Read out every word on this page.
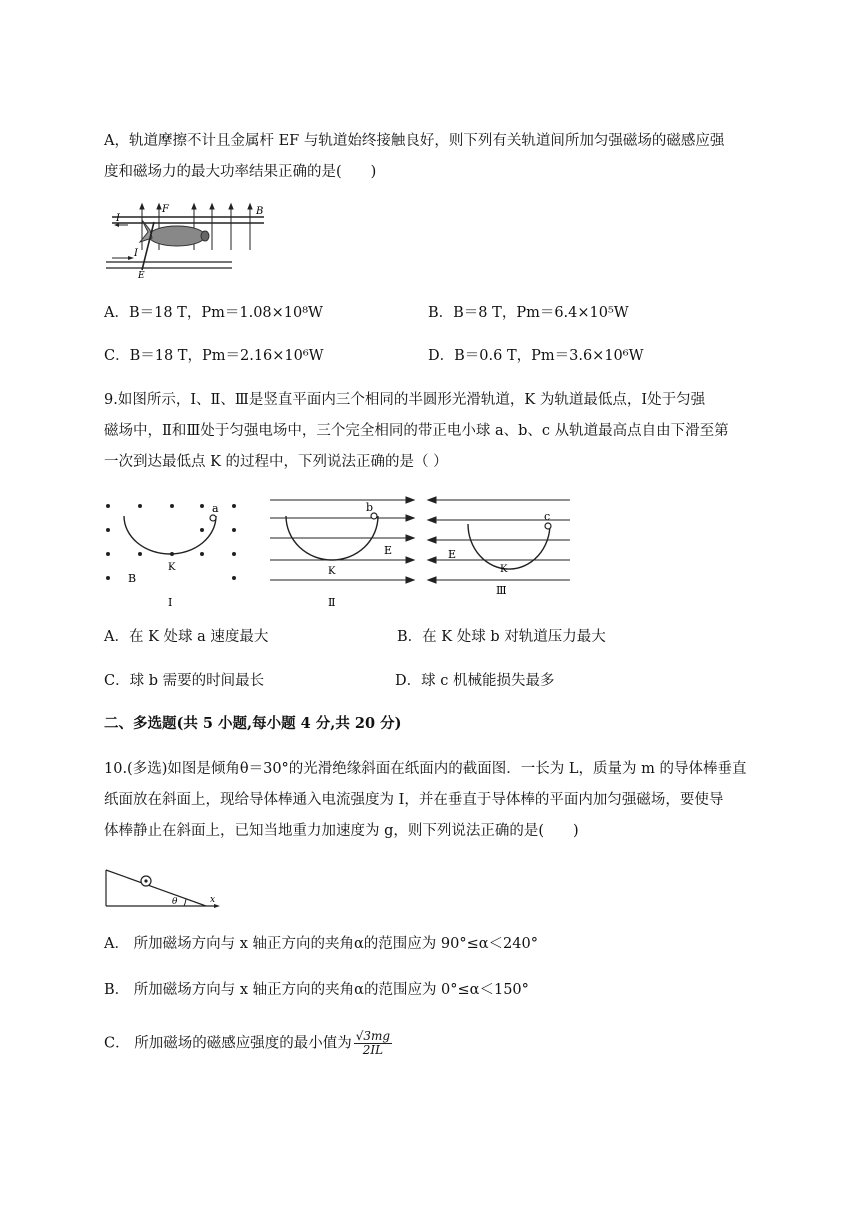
A，轨道摩擦不计且金属杆 EF 与轨道始终接触良好，则下列有关轨道间所加匀强磁场的磁感应强
度和磁场力的最大功率结果正确的是(　　)
I
F	B
I
E
A．B＝18 T，Pm＝1.08×10⁸W	B．B＝8 T，Pm＝6.4×10⁵W
C．B＝18 T，Pm＝2.16×10⁶W	D．B＝0.6 T，Pm＝3.6×10⁶W
9.如图所示，Ⅰ、Ⅱ、Ⅲ是竖直平面内三个相同的半圆形光滑轨道，K 为轨道最低点，Ⅰ处于匀强
磁场中，Ⅱ和Ⅲ处于匀强电场中，三个完全相同的带正电小球 a、b、c 从轨道最高点自由下滑至第
一次到达最低点 K 的过程中，下列说法正确的是（ ）
a
K
B
Ⅰ
b
K
E
Ⅱ
c
K
E
Ⅲ
A．在 K 处球 a 速度最大	B．在 K 处球 b 对轨道压力最大
C．球 b 需要的时间最长	D．球 c 机械能损失最多
二、多选题(共 5 小题,每小题 4 分,共 20 分)
10.(多选)如图是倾角θ＝30°的光滑绝缘斜面在纸面内的截面图．一长为 L，质量为 m 的导体棒垂直
纸面放在斜面上，现给导体棒通入电流强度为 I，并在垂直于导体棒的平面内加匀强磁场，要使导
体棒静止在斜面上，已知当地重力加速度为 g，则下列说法正确的是(　　)
θ	x
A． 所加磁场方向与 x 轴正方向的夹角α的范围应为 90°≤α＜240°
B． 所加磁场方向与 x 轴正方向的夹角α的范围应为 0°≤α＜150°
C． 所加磁场的磁感应强度的最小值为 $\frac{√3mg}{2IL}$
